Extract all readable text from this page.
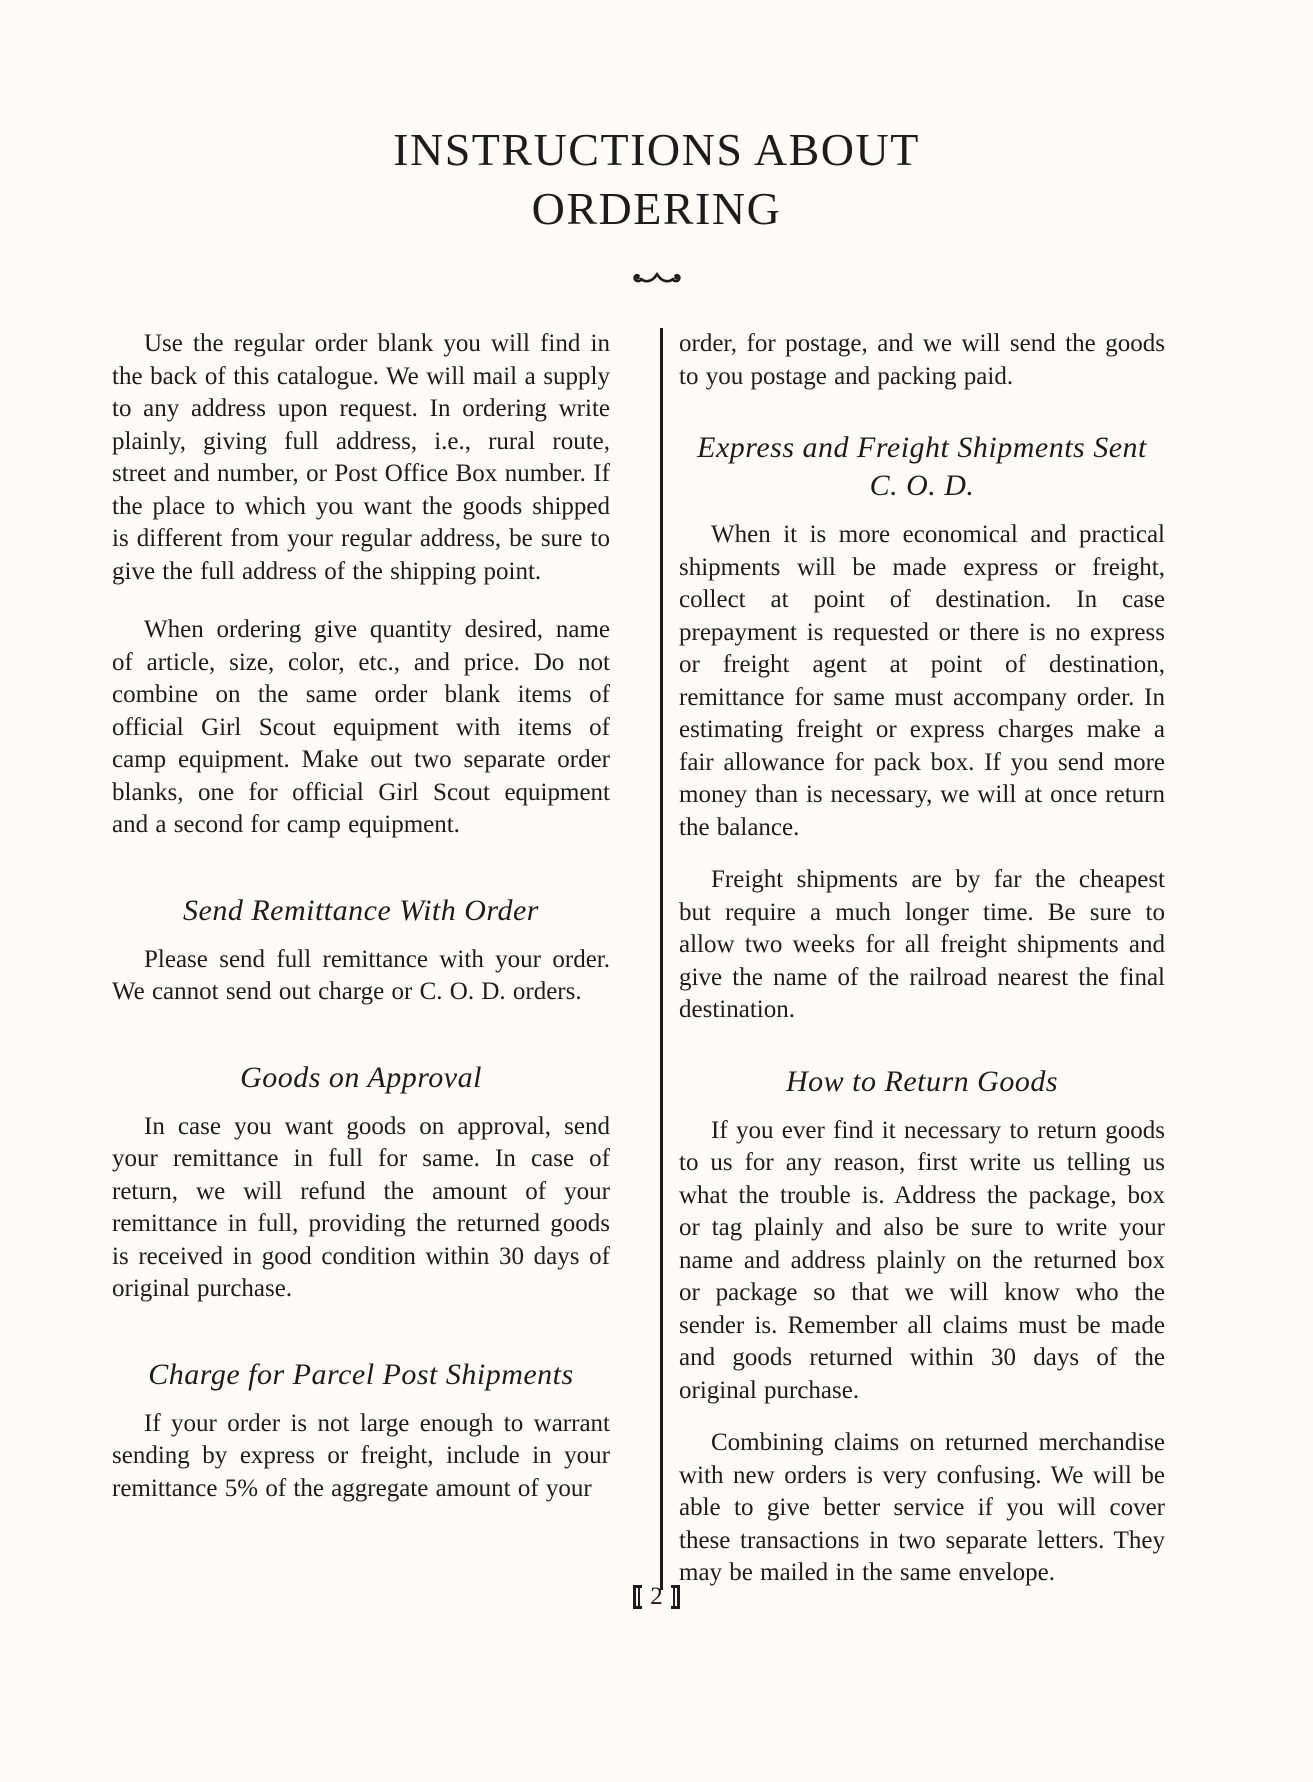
INSTRUCTIONS ABOUT
ORDERING

Use the regular order blank you will find in the back of this catalogue. We will mail a supply to any address upon request. In ordering write plainly, giving full address, i.e., rural route, street and number, or Post Office Box number. If the place to which you want the goods shipped is different from your regular address, be sure to give the full address of the shipping point.

When ordering give quantity desired, name of article, size, color, etc., and price. Do not combine on the same order blank items of official Girl Scout equipment with items of camp equipment. Make out two separate order blanks, one for official Girl Scout equipment and a second for camp equipment.

Send Remittance With Order

Please send full remittance with your order. We cannot send out charge or C. O. D. orders.

Goods on Approval

In case you want goods on approval, send your remittance in full for same. In case of return, we will refund the amount of your remittance in full, providing the returned goods is received in good condition within 30 days of original purchase.

Charge for Parcel Post Shipments

If your order is not large enough to warrant sending by express or freight, include in your remittance 5% of the aggregate amount of your

order, for postage, and we will send the goods to you postage and packing paid.

Express and Freight Shipments Sent
C. O. D.

When it is more economical and practical shipments will be made express or freight, collect at point of destination. In case prepayment is requested or there is no express or freight agent at point of destination, remittance for same must accompany order. In estimating freight or express charges make a fair allowance for pack box. If you send more money than is necessary, we will at once return the balance.

Freight shipments are by far the cheapest but require a much longer time. Be sure to allow two weeks for all freight shipments and give the name of the railroad nearest the final destination.

How to Return Goods

If you ever find it necessary to return goods to us for any reason, first write us telling us what the trouble is. Address the package, box or tag plainly and also be sure to write your name and address plainly on the returned box or package so that we will know who the sender is. Remember all claims must be made and goods returned within 30 days of the original purchase.

Combining claims on returned merchandise with new orders is very confusing. We will be able to give better service if you will cover these transactions in two separate letters. They may be mailed in the same envelope.

2
